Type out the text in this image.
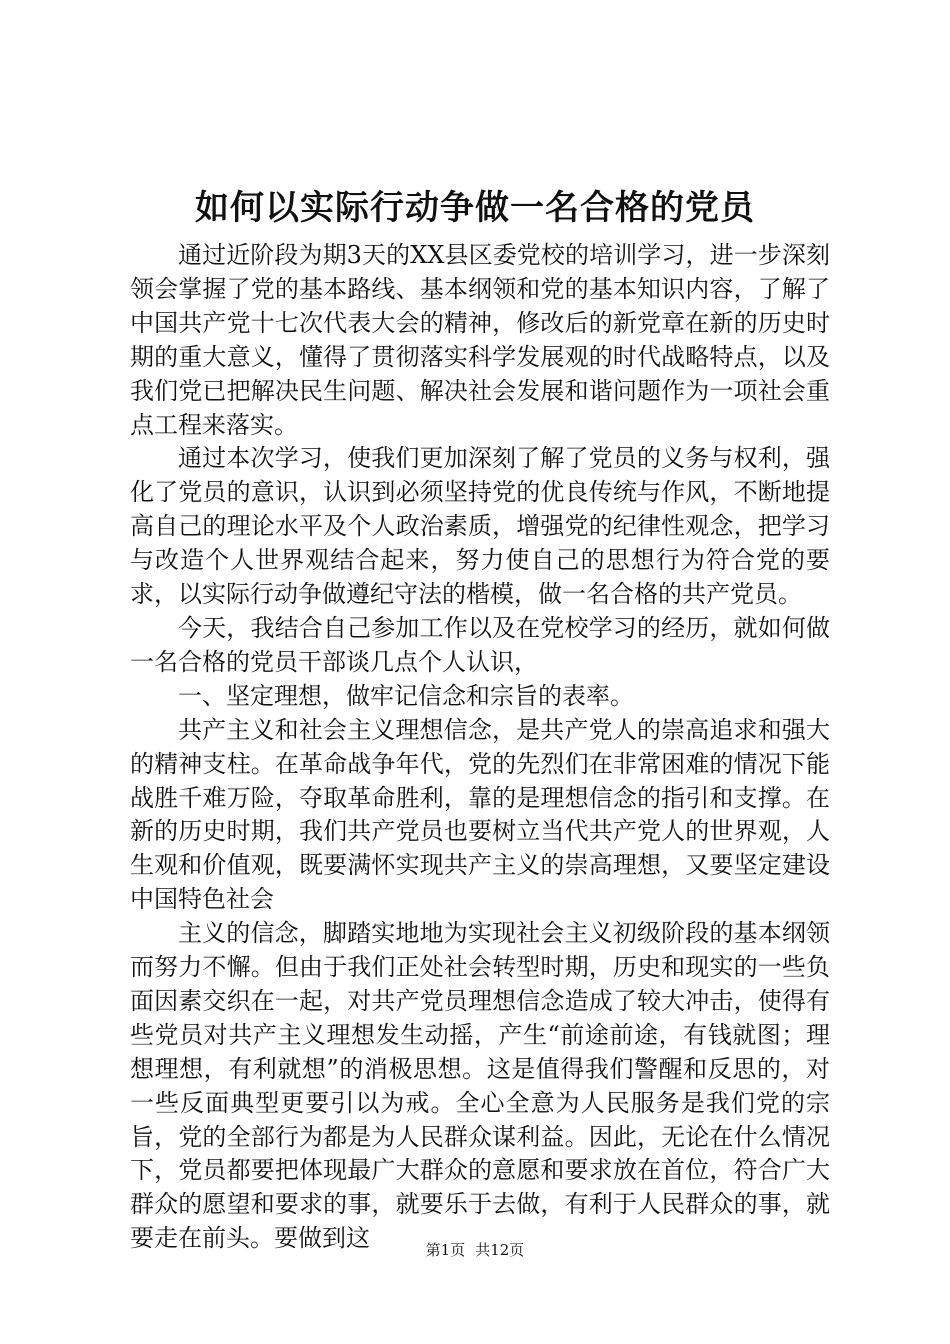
如何以实际行动争做一名合格的党员

通过近阶段为期3天的XX县区委党校的培训学习，进一步深刻领会掌握了党的基本路线、基本纲领和党的基本知识内容，了解了中国共产党十七次代表大会的精神，修改后的新党章在新的历史时期的重大意义，懂得了贯彻落实科学发展观的时代战略特点，以及我们党已把解决民生问题、解决社会发展和谐问题作为一项社会重点工程来落实。

通过本次学习，使我们更加深刻了解了党员的义务与权利，强化了党员的意识，认识到必须坚持党的优良传统与作风，不断地提高自己的理论水平及个人政治素质，增强党的纪律性观念，把学习与改造个人世界观结合起来，努力使自己的思想行为符合党的要求，以实际行动争做遵纪守法的楷模，做一名合格的共产党员。

今天，我结合自己参加工作以及在党校学习的经历，就如何做一名合格的党员干部谈几点个人认识，

一、坚定理想，做牢记信念和宗旨的表率。

共产主义和社会主义理想信念，是共产党人的崇高追求和强大的精神支柱。在革命战争年代，党的先烈们在非常困难的情况下能战胜千难万险，夺取革命胜利，靠的是理想信念的指引和支撑。在新的历史时期，我们共产党员也要树立当代共产党人的世界观，人生观和价值观，既要满怀实现共产主义的崇高理想，又要坚定建设中国特色社会

主义的信念，脚踏实地地为实现社会主义初级阶段的基本纲领而努力不懈。但由于我们正处社会转型时期，历史和现实的一些负面因素交织在一起，对共产党员理想信念造成了较大冲击，使得有些党员对共产主义理想发生动摇，产生“前途前途，有钱就图；理想理想，有利就想”的消极思想。这是值得我们警醒和反思的，对一些反面典型更要引以为戒。全心全意为人民服务是我们党的宗旨，党的全部行为都是为人民群众谋利益。因此，无论在什么情况下，党员都要把体现最广大群众的意愿和要求放在首位，符合广大群众的愿望和要求的事，就要乐于去做，有利于人民群众的事，就要走在前头。要做到这	第1页 共12页
